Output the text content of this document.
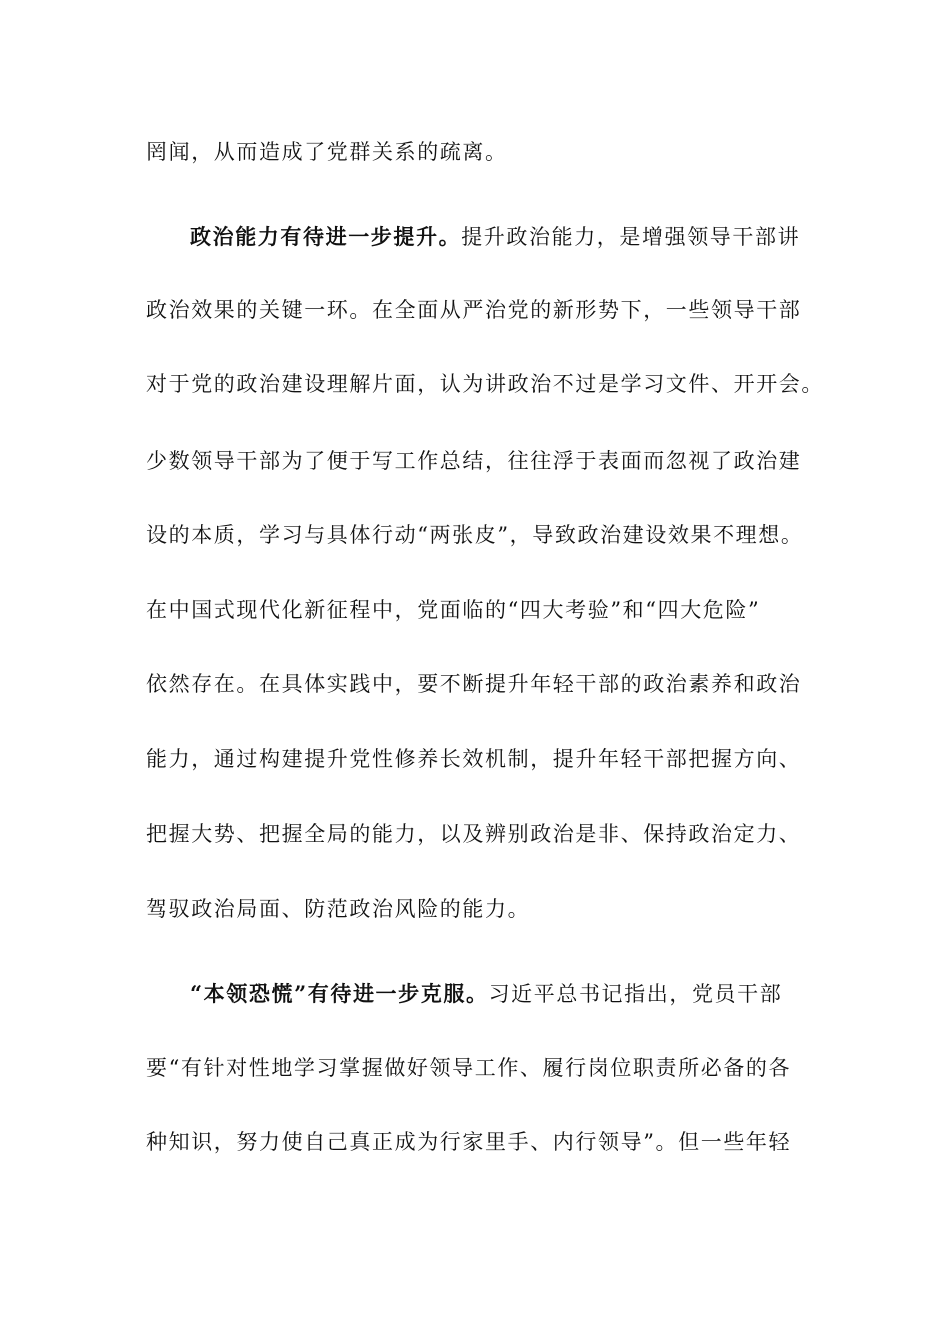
罔闻，从而造成了党群关系的疏离。
政治能力有待进一步提升。提升政治能力，是增强领导干部讲
政治效果的关键一环。在全面从严治党的新形势下，一些领导干部
对于党的政治建设理解片面，认为讲政治不过是学习文件、开开会。
少数领导干部为了便于写工作总结，往往浮于表面而忽视了政治建
设的本质，学习与具体行动“两张皮”，导致政治建设效果不理想。
在中国式现代化新征程中，党面临的“四大考验”和“四大危险”
依然存在。在具体实践中，要不断提升年轻干部的政治素养和政治
能力，通过构建提升党性修养长效机制，提升年轻干部把握方向、
把握大势、把握全局的能力，以及辨别政治是非、保持政治定力、
驾驭政治局面、防范政治风险的能力。
“本领恐慌”有待进一步克服。习近平总书记指出，党员干部
要“有针对性地学习掌握做好领导工作、履行岗位职责所必备的各
种知识，努力使自己真正成为行家里手、内行领导”。但一些年轻
